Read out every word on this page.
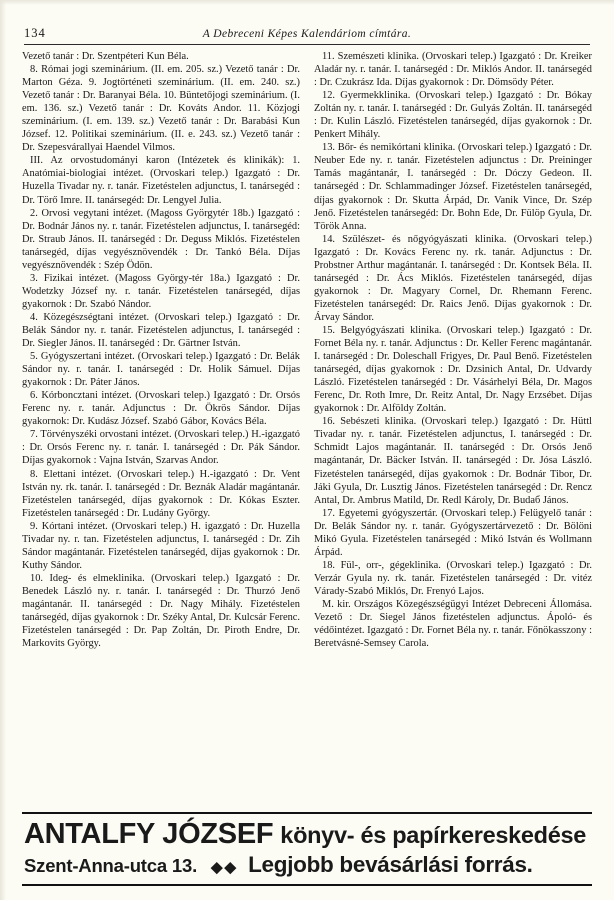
134	A Debreceni Képes Kalendáriom címtára.

Vezető tanár : Dr. Szentpéteri Kun Béla.

8. Római jogi szeminárium. (II. em. 205. sz.) Vezető tanár : Dr. Marton Géza. 9. Jogtörténeti szeminárium. (II. em. 240. sz.) Vezető tanár : Dr. Baranyai Béla. 10. Büntetőjogi szeminárium. (I. em. 136. sz.) Vezető tanár : Dr. Kováts Andor. 11. Közjogi szeminárium. (I. em. 139. sz.) Vezető tanár : Dr. Barabási Kun József. 12. Politikai szeminárium. (II. e. 243. sz.) Vezető tanár : Dr. Szepesvárallyai Haendel Vilmos.

III. Az orvostudományi karon (Intézetek és klinikák): 1. Anatómiai-biologiai intézet. (Orvoskari telep.) Igazgató : Dr. Huzella Tivadar ny. r. tanár. Fizetéstelen adjunctus, I. tanársegéd : Dr. Törő Imre. II. tanársegéd: Dr. Lengyel Julia.

2. Orvosi vegytani intézet. (Magoss Györgytér 18b.) Igazgató : Dr. Bodnár János ny. r. tanár. Fizetéstelen adjunctus, I. tanársegéd: Dr. Straub János. II. tanársegéd : Dr. Deguss Miklós. Fizetéstelen tanársegéd, díjas vegyésznövendék : Dr. Tankó Béla. Díjas vegyésznövendék : Szép Ödön.

3. Fizikai intézet. (Magoss György-tér 18a.) Igazgató : Dr. Wodetzky József ny. r. tanár. Fizetéstelen tanársegéd, díjas gyakornok : Dr. Szabó Nándor.

4. Közegészségtani intézet. (Orvoskari telep.) Igazgató : Dr. Belák Sándor ny. r. tanár. Fizetéstelen adjunctus, I. tanársegéd : Dr. Siegler János. II. tanársegéd : Dr. Gärtner István.

5. Gyógyszertani intézet. (Orvoskari telep.) Igazgató : Dr. Belák Sándor ny. r. tanár. I. tanársegéd : Dr. Holik Sámuel. Díjas gyakornok : Dr. Páter János.

6. Kórboncztani intézet. (Orvoskari telep.) Igazgató : Dr. Orsós Ferenc ny. r. tanár. Adjunctus : Dr. Ökrös Sándor. Díjas gyakornok: Dr. Kudász József. Szabó Gábor, Kovács Béla.

7. Törvényszéki orvostani intézet. (Orvoskari telep.) H.-igazgató : Dr. Orsós Ferenc ny. r. tanár. I. tanársegéd : Dr. Pák Sándor. Díjas gyakornok : Vajna István, Szarvas Andor.

8. Elettani intézet. (Orvoskari telep.) H.-igazgató : Dr. Vent István ny. rk. tanár. I. tanársegéd : Dr. Beznák Aladár magántanár. Fizetéstelen tanársegéd, díjas gyakornok : Dr. Kókas Eszter. Fizetéstelen tanársegéd : Dr. Ludány György.

9. Kórtani intézet. (Orvoskari telep.) H. igazgató : Dr. Huzella Tivadar ny. r. tan. Fizetéstelen adjunctus, I. tanársegéd : Dr. Zih Sándor magántanár. Fizetéstelen tanársegéd, díjas gyakornok : Dr. Kuthy Sándor.

10. Ideg- és elmeklinika. (Orvoskari telep.) Igazgató : Dr. Benedek László ny. r. tanár. I. tanársegéd : Dr. Thurzó Jenő magántanár. II. tanársegéd : Dr. Nagy Mihály. Fizetéstelen tanársegéd, díjas gyakornok : Dr. Széky Antal, Dr. Kulcsár Ferenc. Fizetéstelen tanársegéd : Dr. Pap Zoltán, Dr. Piroth Endre, Dr. Markovits György.

11. Szemészeti klinika. (Orvoskari telep.) Igazgató : Dr. Kreiker Aladár ny. r. tanár. I. tanársegéd : Dr. Miklós Andor. II. tanársegéd : Dr. Czukrász Ida. Díjas gyakornok : Dr. Dömsödy Péter.

12. Gyermekklinika. (Orvoskari telep.) Igazgató : Dr. Bókay Zoltán ny. r. tanár. I. tanársegéd : Dr. Gulyás Zoltán. II. tanársegéd : Dr. Kulin László. Fizetéstelen tanársegéd, díjas gyakornok : Dr. Penkert Mihály.

13. Bőr- és nemikórtani klinika. (Orvoskari telep.) Igazgató : Dr. Neuber Ede ny. r. tanár. Fizetéstelen adjunctus : Dr. Preininger Tamás magántanár, I. tanársegéd : Dr. Dóczy Gedeon. II. tanársegéd : Dr. Schlammadinger József. Fizetéstelen tanársegéd, díjas gyakornok : Dr. Skutta Árpád, Dr. Vanik Vince, Dr. Szép Jenő. Fizetéstelen tanársegéd: Dr. Bohn Ede, Dr. Fülöp Gyula, Dr. Török Anna.

14. Szülészet- és nőgyógyászati klinika. (Orvoskari telep.) Igazgató : Dr. Kovács Ferenc ny. rk. tanár. Adjunctus : Dr. Probstner Arthur magántanár. I. tanársegéd : Dr. Kontsek Béla. II. tanársegéd : Dr. Ács Miklós. Fizetéstelen tanársegéd, díjas gyakornok : Dr. Magyary Cornel, Dr. Rhemann Ferenc. Fizetéstelen tanársegéd: Dr. Raics Jenő. Díjas gyakornok : Dr. Árvay Sándor.

15. Belgyógyászati klinika. (Orvoskari telep.) Igazgató : Dr. Fornet Béla ny. r. tanár. Adjunctus : Dr. Keller Ferenc magántanár. I. tanársegéd : Dr. Doleschall Frigyes, Dr. Paul Benő. Fizetéstelen tanársegéd, díjas gyakornok : Dr. Dzsinich Antal, Dr. Udvardy László. Fizetéstelen tanársegéd : Dr. Vásárhelyi Béla, Dr. Magos Ferenc, Dr. Roth Imre, Dr. Reitz Antal, Dr. Nagy Erzsébet. Díjas gyakornok : Dr. Alföldy Zoltán.

16. Sebészeti klinika. (Orvoskari telep.) Igazgató : Dr. Hüttl Tivadar ny. r. tanár. Fizetéstelen adjunctus, I. tanársegéd : Dr. Schmidt Lajos magántanár. II. tanársegéd : Dr. Orsós Jenő magántanár, Dr. Bäcker István. II. tanársegéd : Dr. Jósa László. Fizetéstelen tanársegéd, díjas gyakornok : Dr. Bodnár Tibor, Dr. Jáki Gyula, Dr. Lusztig János. Fizetéstelen tanársegéd : Dr. Rencz Antal, Dr. Ambrus Matild, Dr. Redl Károly, Dr. Budaб János.

17. Egyetemi gyógyszertár. (Orvoskari telep.) Felügyelő tanár : Dr. Belák Sándor ny. r. tanár. Gyógyszertárvezető : Dr. Bölöni Mikó Gyula. Fizetéstelen tanársegéd : Mikó István és Wollmann Árpád.

18. Fül-, orr-, gégeklinika. (Orvoskari telep.) Igazgató : Dr. Verzár Gyula ny. rk. tanár. Fizetéstelen tanársegéd : Dr. vitéz Várady-Szabó Miklós, Dr. Frenyó Lajos.

M. kir. Országos Közegészségügyi Intézet Debreceni Állomása. Vezető : Dr. Siegel János fizetéstelen adjunctus. Ápoló- és védőintézet. Igazgató : Dr. Fornet Béla ny. r. tanár. Főnökasszony : Beretvásné-Semsey Carola.

ANTALFY JÓZSEF könyv- és papírkereskedése
Szent-Anna-utca 13. ◆◆ Legjobb bevásárlási forrás.
